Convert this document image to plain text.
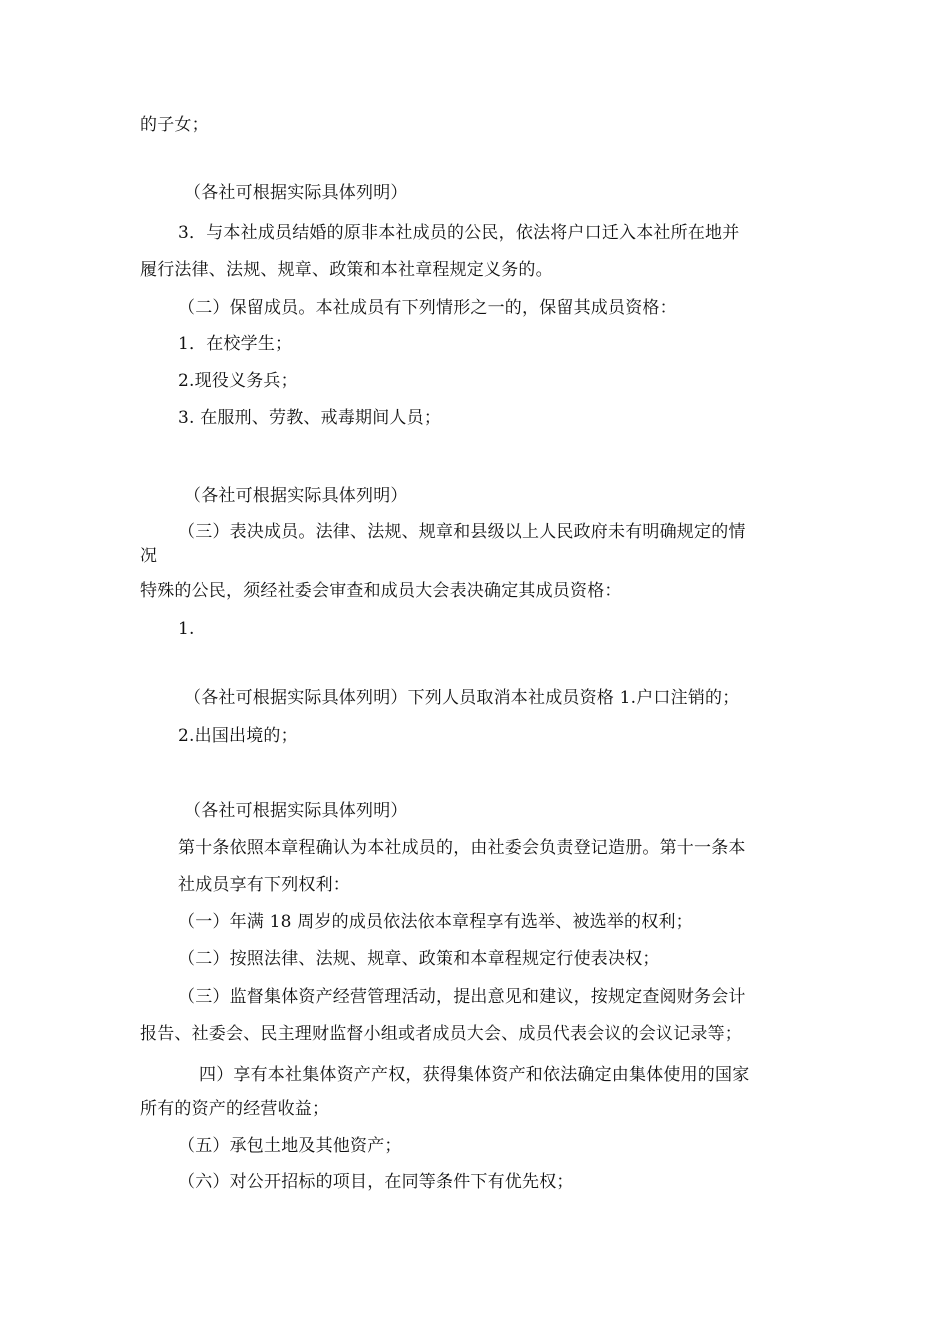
的子女；
（各社可根据实际具体列明）
3．与本社成员结婚的原非本社成员的公民，依法将户口迁入本社所在地并
履行法律、法规、规章、政策和本社章程规定义务的。
（二）保留成员。本社成员有下列情形之一的，保留其成员资格：
1．在校学生；
2.现役义务兵；
3. 在服刑、劳教、戒毒期间人员；
（各社可根据实际具体列明）
（三）表决成员。法律、法规、规章和县级以上人民政府未有明确规定的情
况
特殊的公民，须经社委会审查和成员大会表决确定其成员资格：
1.
（各社可根据实际具体列明）下列人员取消本社成员资格 1.户口注销的；
2.出国出境的；
（各社可根据实际具体列明）
第十条依照本章程确认为本社成员的，由社委会负责登记造册。第十一条本
社成员享有下列权利：
（一）年满 18 周岁的成员依法依本章程享有选举、被选举的权利；
（二）按照法律、法规、规章、政策和本章程规定行使表决权；
（三）监督集体资产经营管理活动，提出意见和建议，按规定查阅财务会计
报告、社委会、民主理财监督小组或者成员大会、成员代表会议的会议记录等；
四）享有本社集体资产产权，获得集体资产和依法确定由集体使用的国家
所有的资产的经营收益；
（五）承包土地及其他资产；
（六）对公开招标的项目，在同等条件下有优先权；
